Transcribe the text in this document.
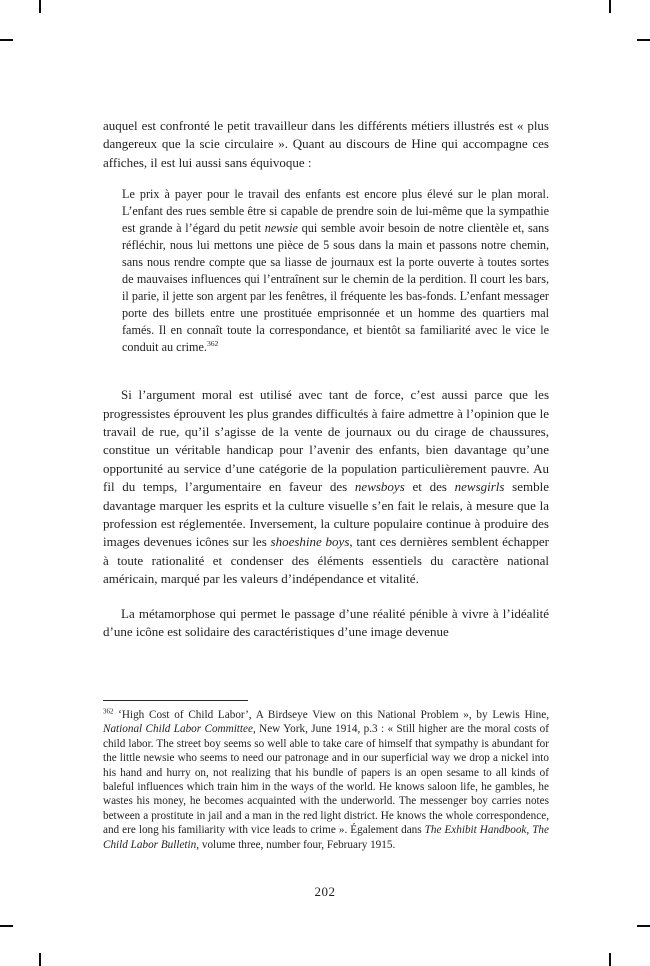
auquel est confronté le petit travailleur dans les différents métiers illustrés est « plus dangereux que la scie circulaire ». Quant au discours de Hine qui accompagne ces affiches, il est lui aussi sans équivoque :

Le prix à payer pour le travail des enfants est encore plus élevé sur le plan moral. L’enfant des rues semble être si capable de prendre soin de lui-même que la sympathie est grande à l’égard du petit newsie qui semble avoir besoin de notre clientèle et, sans réfléchir, nous lui mettons une pièce de 5 sous dans la main et passons notre chemin, sans nous rendre compte que sa liasse de journaux est la porte ouverte à toutes sortes de mauvaises influences qui l’entraînent sur le chemin de la perdition. Il court les bars, il parie, il jette son argent par les fenêtres, il fréquente les bas-fonds. L’enfant messager porte des billets entre une prostituée emprisonnée et un homme des quartiers mal famés. Il en connaît toute la correspondance, et bientôt sa familiarité avec le vice le conduit au crime.$^{362}$

Si l’argument moral est utilisé avec tant de force, c’est aussi parce que les progressistes éprouvent les plus grandes difficultés à faire admettre à l’opinion que le travail de rue, qu’il s’agisse de la vente de journaux ou du cirage de chaussures, constitue un véritable handicap pour l’avenir des enfants, bien davantage qu’une opportunité au service d’une catégorie de la population particulièrement pauvre. Au fil du temps, l’argumentaire en faveur des newsboys et des newsgirls semble davantage marquer les esprits et la culture visuelle s’en fait le relais, à mesure que la profession est réglementée. Inversement, la culture populaire continue à produire des images devenues icônes sur les shoeshine boys, tant ces dernières semblent échapper à toute rationalité et condenser des éléments essentiels du caractère national américain, marqué par les valeurs d’indépendance et vitalité.

La métamorphose qui permet le passage d’une réalité pénible à vivre à l’idéalité d’une icône est solidaire des caractéristiques d’une image devenue

$^{362}$ ‘High Cost of Child Labor’, A Birdseye View on this National Problem », by Lewis Hine, National Child Labor Committee, New York, June 1914, p.3 : « Still higher are the moral costs of child labor. The street boy seems so well able to take care of himself that sympathy is abundant for the little newsie who seems to need our patronage and in our superficial way we drop a nickel into his hand and hurry on, not realizing that his bundle of papers is an open sesame to all kinds of baleful influences which train him in the ways of the world. He knows saloon life, he gambles, he wastes his money, he becomes acquainted with the underworld. The messenger boy carries notes between a prostitute in jail and a man in the red light district. He knows the whole correspondence, and ere long his familiarity with vice leads to crime ». Également dans The Exhibit Handbook, The Child Labor Bulletin, volume three, number four, February 1915.

202
